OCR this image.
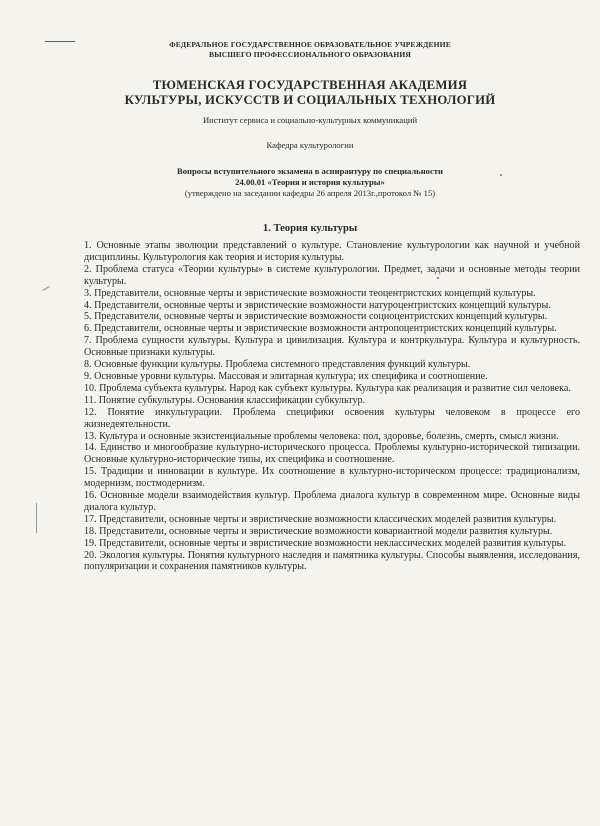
ФЕДЕРАЛЬНОЕ ГОСУДАРСТВЕННОЕ ОБРАЗОВАТЕЛЬНОЕ УЧРЕЖДЕНИЕ
ВЫСШЕГО ПРОФЕССИОНАЛЬНОГО ОБРАЗОВАНИЯ
ТЮМЕНСКАЯ ГОСУДАРСТВЕННАЯ АКАДЕМИЯ
КУЛЬТУРЫ, ИСКУССТВ И СОЦИАЛЬНЫХ ТЕХНОЛОГИЙ
Институт сервиса и социально-культурных коммуникаций
Кафедра культурологии
Вопросы вступительного экзамена в аспирантуру по специальности
24.00.01 «Теория и история культуры»
(утверждено на заседании кафедры 26 апреля 2013г.,протокол № 15)
1. Теория культуры

1. Основные этапы эволюции представлений о культуре. Становление культурологии как научной и учебной дисциплины. Культурология как теория и история культуры.

2. Проблема статуса «Теории культуры» в системе культурологии. Предмет, задачи и основные методы теории культуры.

3. Представители, основные черты и эвристические возможности теоцентристских концепций культуры.

4. Представители, основные черты и эвристические возможности натуроцентристских концепций культуры.

5. Представители, основные черты и эвристические возможности социоцентристских концепций культуры.

6. Представители, основные черты и эвристические возможности антропоцентристских концепций культуры.

7. Проблема сущности культуры. Культура и цивилизация. Культура и контркультура. Культура и культурность. Основные признаки культуры.

8. Основные функции культуры. Проблема системного представления функций культуры.

9. Основные уровни культуры. Массовая и элитарная культура; их специфика и соотношение.

10. Проблема субъекта культуры. Народ как субъект культуры. Культура как реализация и развитие сил человека.

11. Понятие субкультуры. Основания классификации субкультур.

12. Понятие инкультурации. Проблема специфики освоения культуры человеком в процессе его жизнедеятельности.

13. Культура и основные экзистенциальные проблемы человека: пол, здоровье, болезнь, смерть, смысл жизни.

14. Единство и многообразие культурно-исторического процесса. Проблемы культурно-исторической типизации. Основные культурно-исторические типы, их специфика и соотношение.

15. Традиции и инновации в культуре. Их соотношение в культурно-историческом процессе: традиционализм, модернизм, постмодернизм.

16. Основные модели взаимодействия культур. Проблема диалога культур в современном мире. Основные виды диалога культур.

17. Представители, основные черты и эвристические возможности классических моделей развития культуры.

18. Представители, основные черты и эвристические возможности ковариантной модели развития культуры.

19. Представители, основные черты и эвристические возможности неклассических моделей развития культуры.

20. Экология культуры. Понятия культурного наследия и памятника культуры. Способы выявления, исследования, популяризации и сохранения памятников культуры.
